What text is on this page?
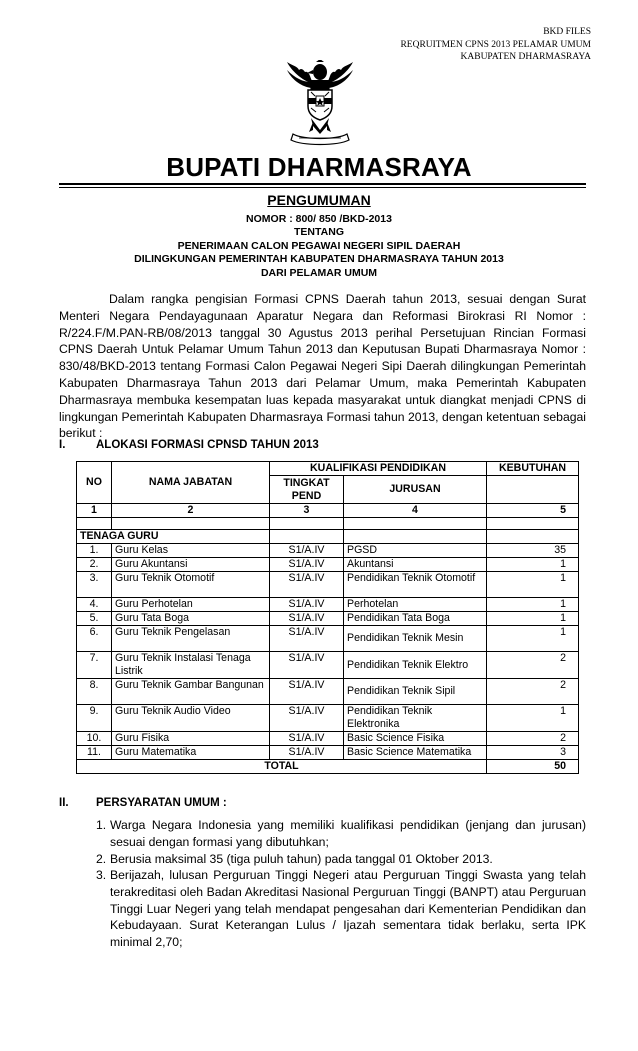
BKD FILES
REQRUITMEN CPNS 2013 PELAMAR UMUM
KABUPATEN DHARMASRAYA
BUPATI DHARMASRAYA
PENGUMUMAN
NOMOR : 800/ 850 /BKD-2013
TENTANG
PENERIMAAN CALON PEGAWAI NEGERI SIPIL DAERAH
DILINGKUNGAN PEMERINTAH KABUPATEN DHARMASRAYA TAHUN 2013
DARI PELAMAR UMUM
Dalam rangka pengisian Formasi CPNS Daerah tahun 2013, sesuai dengan Surat Menteri Negara Pendayagunaan Aparatur Negara dan Reformasi Birokrasi RI Nomor : R/224.F/M.PAN-RB/08/2013 tanggal 30 Agustus 2013 perihal Persetujuan Rincian Formasi CPNS Daerah Untuk Pelamar Umum Tahun 2013 dan Keputusan Bupati Dharmasraya Nomor : 830/48/BKD-2013 tentang Formasi Calon Pegawai Negeri Sipi Daerah dilingkungan Pemerintah Kabupaten Dharmasraya Tahun 2013 dari Pelamar Umum, maka Pemerintah Kabupaten Dharmasraya membuka kesempatan luas kepada masyarakat untuk diangkat menjadi CPNS di lingkungan Pemerintah Kabupaten Dharmasraya Formasi tahun 2013, dengan ketentuan sebagai berikut :
I.	ALOKASI FORMASI CPNSD TAHUN 2013
NO	NAMA JABATAN	KUALIFIKASI PENDIDIKAN		KEBUTUHAN
		TINGKAT PEND	JURUSAN	
1	2	3	4	5

TENAGA GURU				
1.	Guru Kelas	S1/A.IV	PGSD	35
2.	Guru Akuntansi	S1/A.IV	Akuntansi	1
3.	Guru Teknik Otomotif	S1/A.IV	Pendidikan Teknik Otomotif	1
4.	Guru Perhotelan	S1/A.IV	Perhotelan	1
5.	Guru Tata Boga	S1/A.IV	Pendidikan Tata Boga	1
6.	Guru Teknik Pengelasan	S1/A.IV	Pendidikan Teknik Mesin	1
7.	Guru Teknik Instalasi Tenaga Listrik	S1/A.IV	Pendidikan Teknik Elektro	2
8.	Guru Teknik Gambar Bangunan	S1/A.IV	Pendidikan Teknik Sipil	2
9.	Guru Teknik Audio Video	S1/A.IV	Pendidikan Teknik Elektronika	1
10.	Guru Fisika	S1/A.IV	Basic Science Fisika	2
11.	Guru Matematika	S1/A.IV	Basic Science Matematika	3
TOTAL				50
II. PERSYARATAN UMUM :
1. Warga Negara Indonesia yang memiliki kualifikasi pendidikan (jenjang dan jurusan) sesuai dengan formasi yang dibutuhkan;
2. Berusia maksimal 35 (tiga puluh tahun) pada tanggal 01 Oktober 2013.
3. Berijazah, lulusan Perguruan Tinggi Negeri atau Perguruan Tinggi Swasta yang telah terakreditasi oleh Badan Akreditasi Nasional Perguruan Tinggi (BANPT) atau Perguruan Tinggi Luar Negeri yang telah mendapat pengesahan dari Kementerian Pendidikan dan Kebudayaan. Surat Keterangan Lulus / Ijazah sementara tidak berlaku, serta IPK minimal 2,70;
